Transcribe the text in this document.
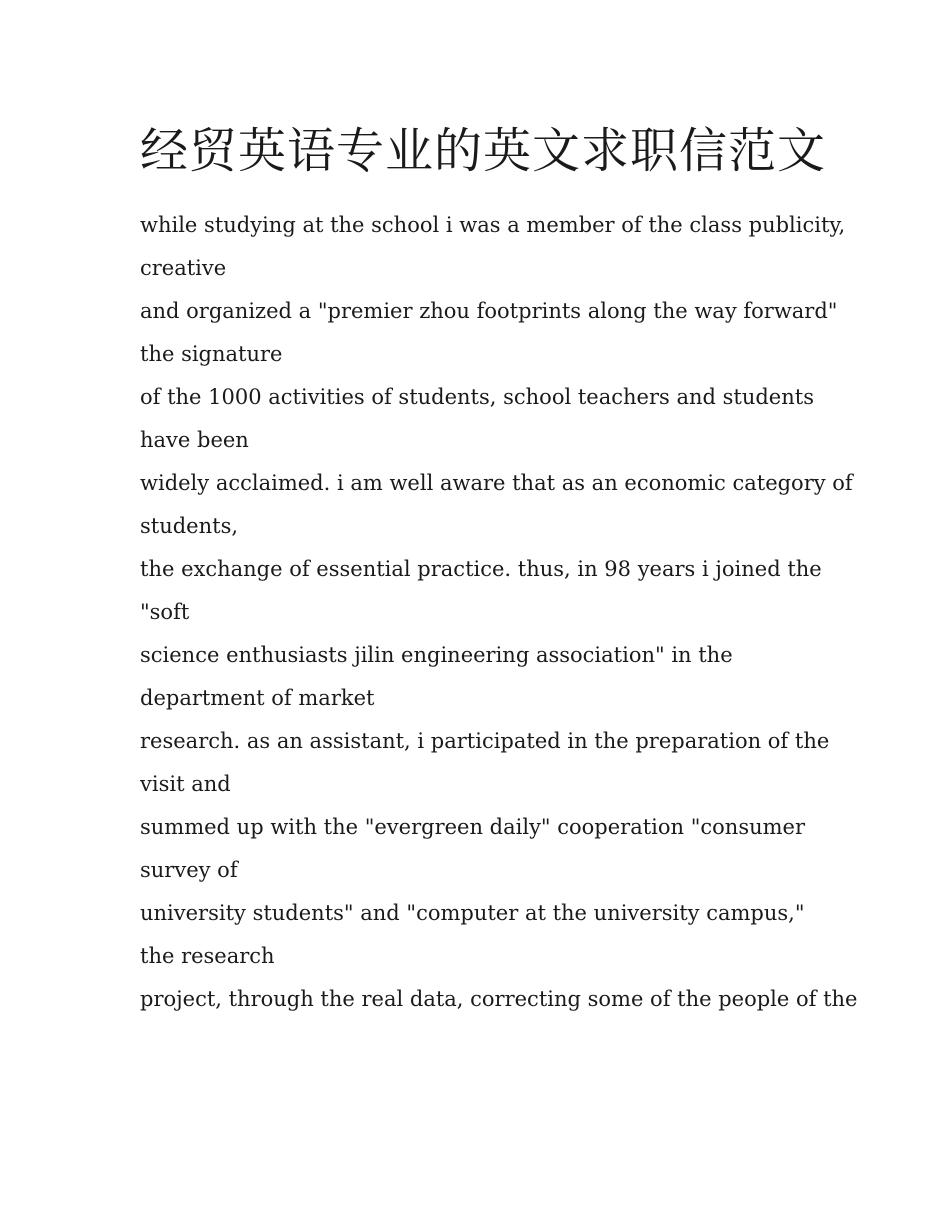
经贸英语专业的英文求职信范文
while studying at the school i was a member of the class publicity,
creative
and organized a "premier zhou footprints along the way forward"
the signature
of the 1000 activities of students, school teachers and students
have been
widely acclaimed. i am well aware that as an economic category of
students,
the exchange of essential practice. thus, in 98 years i joined the
"soft
science enthusiasts jilin engineering association" in the
department of market
research. as an assistant, i participated in the preparation of the
visit and
summed up with the "evergreen daily" cooperation "consumer
survey of
university students" and "computer at the university campus,"
the research
project, through the real data, correcting some of the people of the
